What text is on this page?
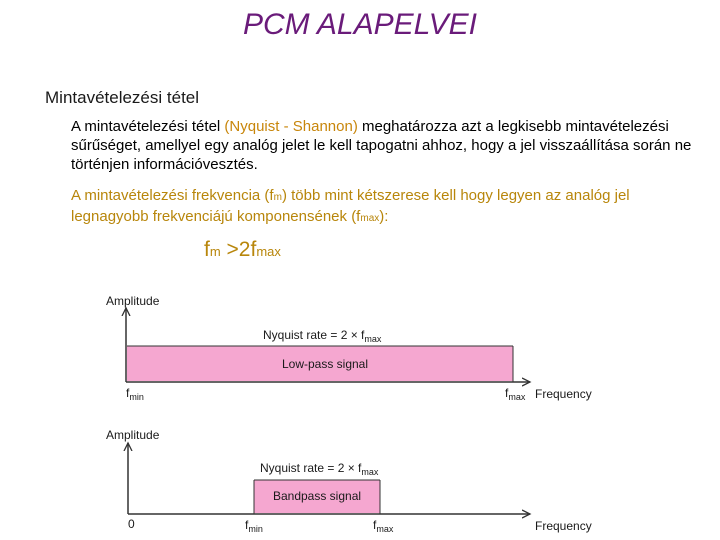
PCM ALAPELVEI
Mintavételezési tétel
A mintavételezési tétel (Nyquist - Shannon) meghatározza azt a legkisebb mintavételezési sűrűséget, amellyel egy analóg jelet le kell tapogatni ahhoz, hogy a jel visszaállítása során ne történjen információvesztés.
A mintavételezési frekvencia (fm) több mint kétszerese kell hogy legyen az analóg jel legnagyobb frekvenciájú komponensének (fmax):
fm >2fmax
Amplitude
Frequency
Low-pass signal
Nyquist rate = $2 \times f_{max}$
$f_{min}$	$f_{max}$
Amplitude
Frequency
Bandpass signal
Nyquist rate = $2 \times f_{max}$
0	$f_{min}$	$f_{max}$
